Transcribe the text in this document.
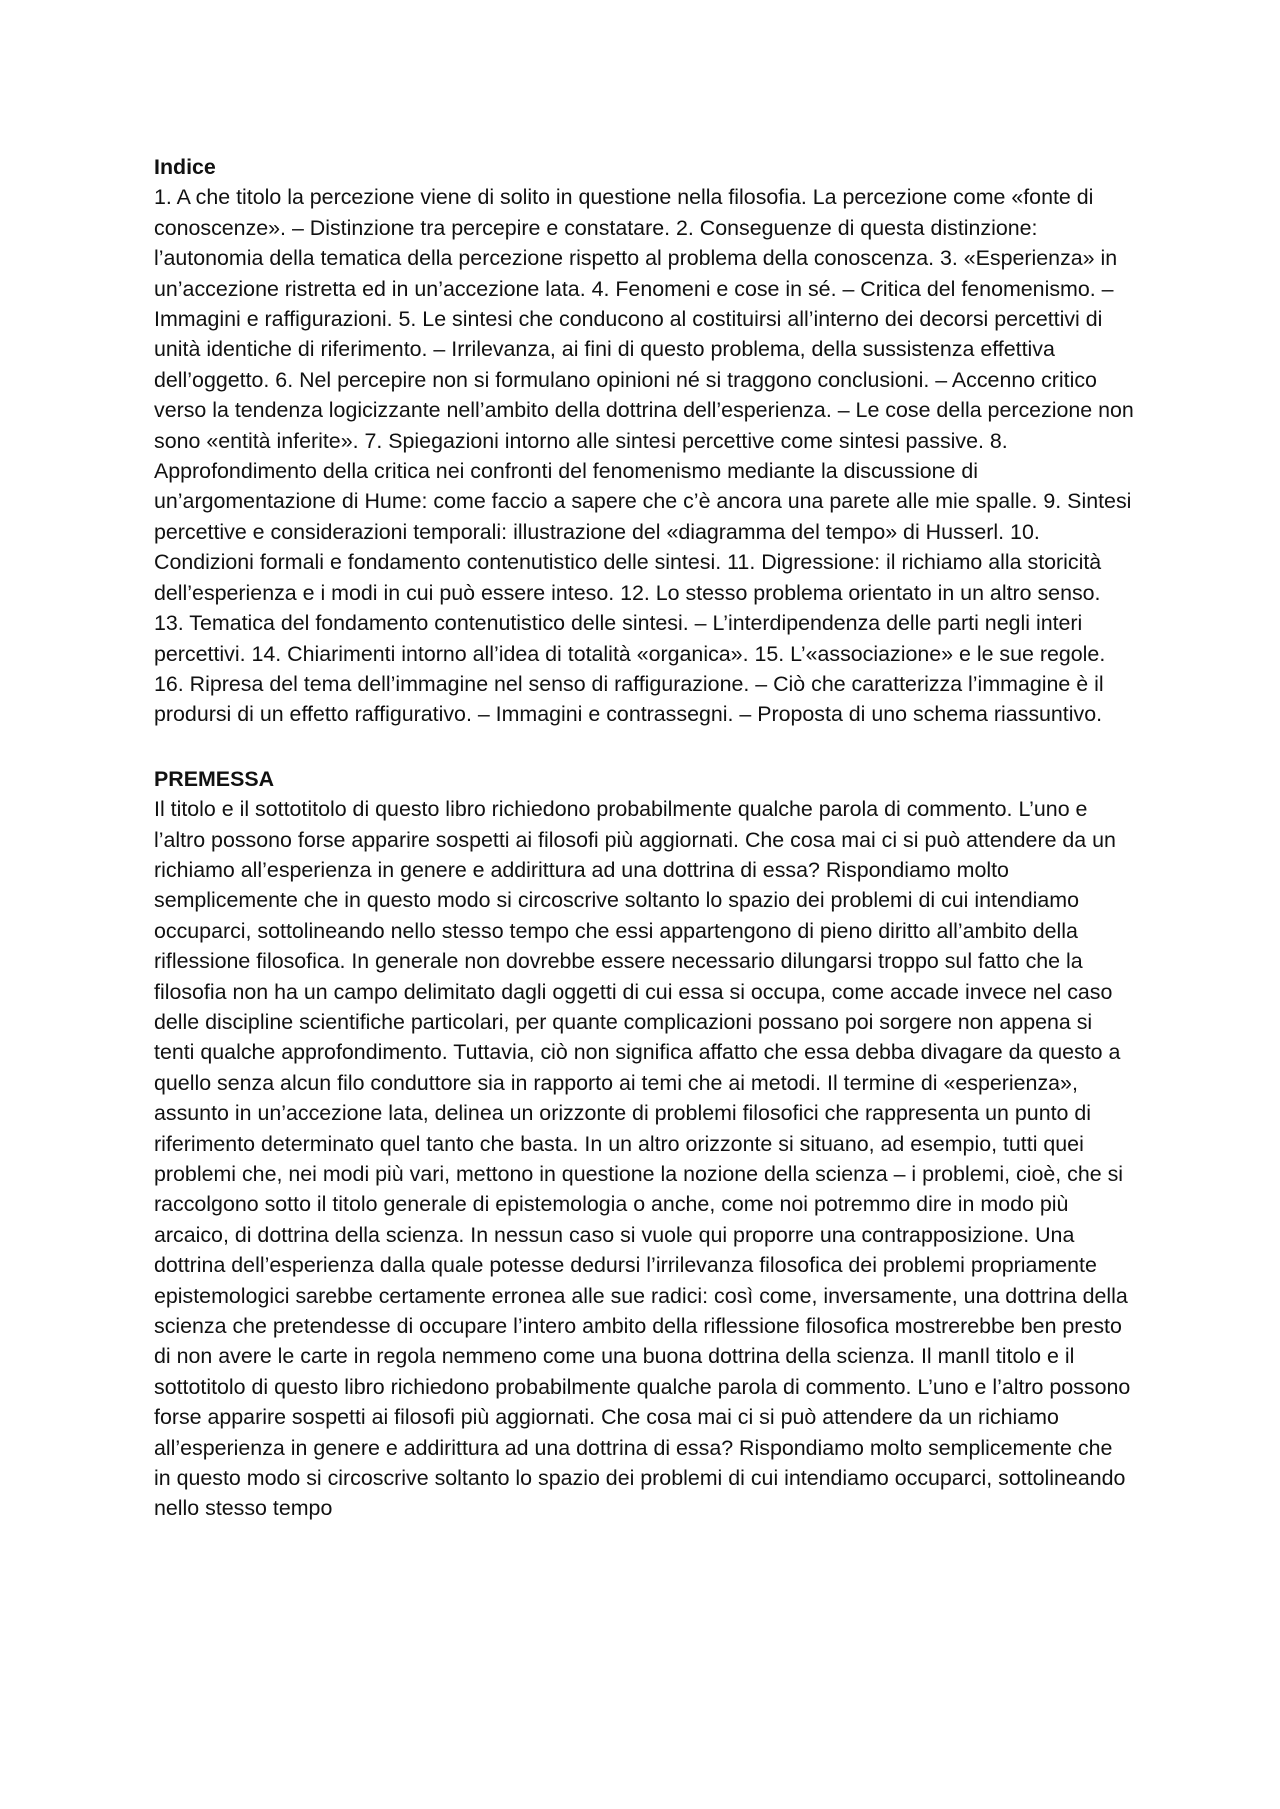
Indice

1. A che titolo la percezione viene di solito in questione nella filosofia. La percezione come «fonte di conoscenze». – Distinzione tra percepire e constatare. 2. Conseguenze di questa distinzione: l’autonomia della tematica della percezione rispetto al problema della conoscenza. 3. «Esperienza» in un’accezione ristretta ed in un’accezione lata. 4. Fenomeni e cose in sé. – Critica del fenomenismo. – Immagini e raffigurazioni. 5. Le sintesi che conducono al costituirsi all’interno dei decorsi percettivi di unità identiche di riferimento. – Irrilevanza, ai fini di questo problema, della sussistenza effettiva dell’oggetto. 6. Nel percepire non si formulano opinioni né si traggono conclusioni. – Accenno critico verso la tendenza logicizzante nell’ambito della dottrina dell’esperienza. – Le cose della percezione non sono «entità inferite». 7. Spiegazioni intorno alle sintesi percettive come sintesi passive. 8. Approfondimento della critica nei confronti del fenomenismo mediante la discussione di un’argomentazione di Hume: come faccio a sapere che c’è ancora una parete alle mie spalle. 9. Sintesi percettive e considerazioni temporali: illustrazione del «diagramma del tempo» di Husserl. 10. Condizioni formali e fondamento contenutistico delle sintesi. 11. Digressione: il richiamo alla storicità dell’esperienza e i modi in cui può essere inteso. 12. Lo stesso problema orientato in un altro senso. 13. Tematica del fondamento contenutistico delle sintesi. – L’interdipendenza delle parti negli interi percettivi. 14. Chiarimenti intorno all’idea di totalità «organica». 15. L’«associazione» e le sue regole. 16. Ripresa del tema dell’immagine nel senso di raffigurazione. – Ciò che caratterizza l’immagine è il prodursi di un effetto raffigurativo. – Immagini e contrassegni. – Proposta di uno schema riassuntivo.

PREMESSA

Il titolo e il sottotitolo di questo libro richiedono probabilmente qualche parola di commento. L’uno e l’altro possono forse apparire sospetti ai filosofi più aggiornati. Che cosa mai ci si può attendere da un richiamo all’esperienza in genere e addirittura ad una dottrina di essa? Rispondiamo molto semplicemente che in questo modo si circoscrive soltanto lo spazio dei problemi di cui intendiamo occuparci, sottolineando nello stesso tempo che essi appartengono di pieno diritto all’ambito della riflessione filosofica. In generale non dovrebbe essere necessario dilungarsi troppo sul fatto che la filosofia non ha un campo delimitato dagli oggetti di cui essa si occupa, come accade invece nel caso delle discipline scientifiche particolari, per quante complicazioni possano poi sorgere non appena si tenti qualche approfondimento. Tuttavia, ciò non significa affatto che essa debba divagare da questo a quello senza alcun filo conduttore sia in rapporto ai temi che ai metodi. Il termine di «esperienza», assunto in un’accezione lata, delinea un orizzonte di problemi filosofici che rappresenta un punto di riferimento determinato quel tanto che basta. In un altro orizzonte si situano, ad esempio, tutti quei problemi che, nei modi più vari, mettono in questione la nozione della scienza – i problemi, cioè, che si raccolgono sotto il titolo generale di epistemologia o anche, come noi potremmo dire in modo più arcaico, di dottrina della scienza. In nessun caso si vuole qui proporre una contrapposizione. Una dottrina dell’esperienza dalla quale potesse dedursi l’irrilevanza filosofica dei problemi propriamente epistemologici sarebbe certamente erronea alle sue radici: così come, inversamente, una dottrina della scienza che pretendesse di occupare l’intero ambito della riflessione filosofica mostrerebbe ben presto di non avere le carte in regola nemmeno come una buona dottrina della scienza. Il manIl titolo e il sottotitolo di questo libro richiedono probabilmente qualche parola di commento. L’uno e l’altro possono forse apparire sospetti ai filosofi più aggiornati. Che cosa mai ci si può attendere da un richiamo all’esperienza in genere e addirittura ad una dottrina di essa? Rispondiamo molto semplicemente che in questo modo si circoscrive soltanto lo spazio dei problemi di cui intendiamo occuparci, sottolineando nello stesso tempo
